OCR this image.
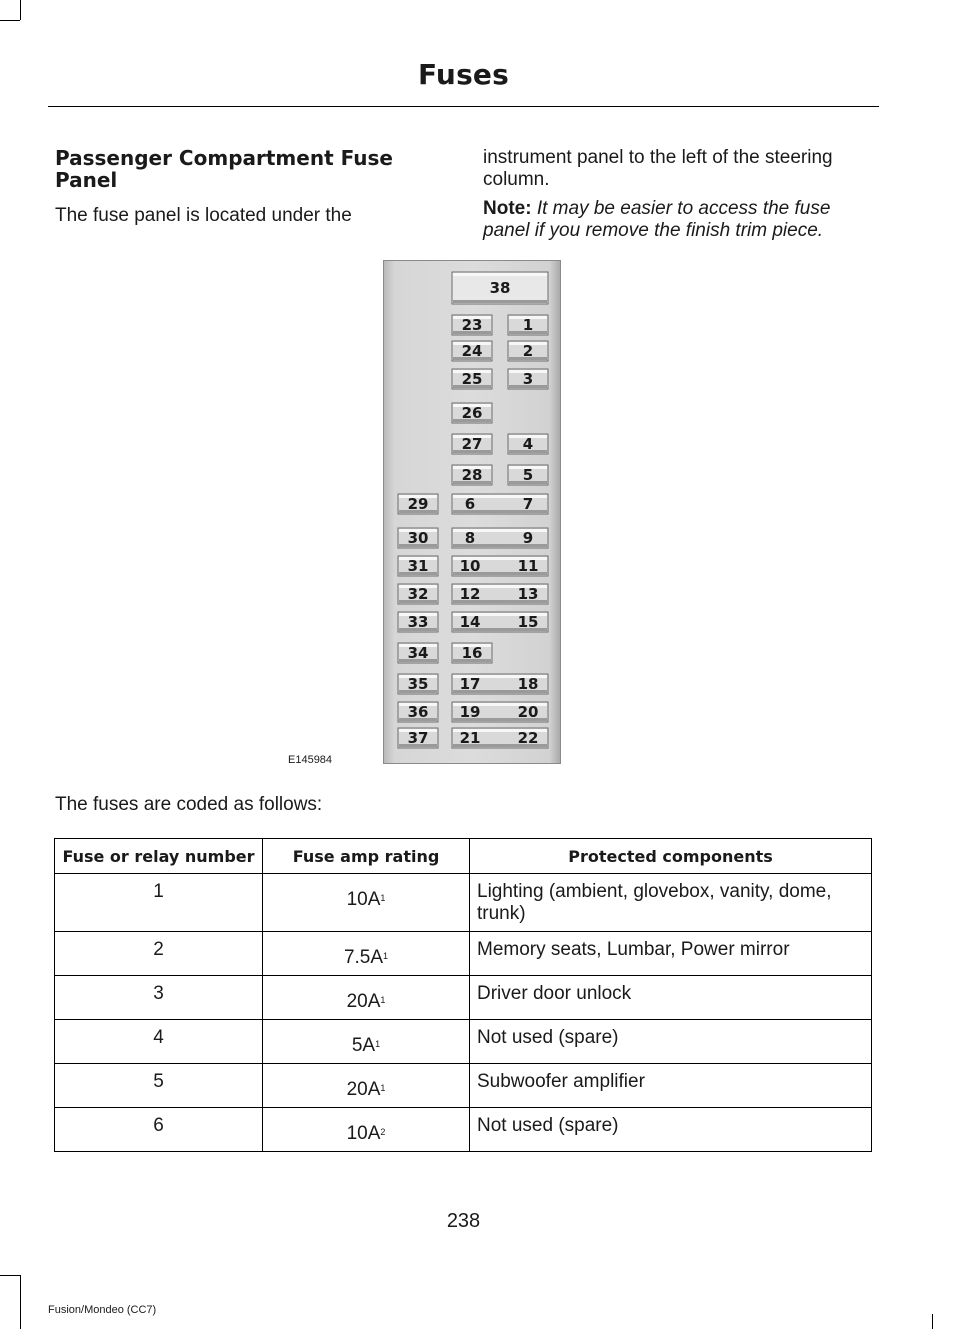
Fuses
Passenger Compartment Fuse Panel

The fuse panel is located under the

instrument panel to the left of the steering column.

Note: It may be easier to access the fuse panel if you remove the finish trim piece.

38
23	1
24	2
25	3
26
27	4
28	5
29 6	7
30 8	9
31 10 11
32 12 13
33 14 15
34 16
35 17 18
36 19 20
37 21 22
E145984

The fuses are coded as follows:

Fuse or relay number	Fuse amp rating	Protected components
1	$10A^1$	Lighting (ambient, glovebox, vanity, dome, trunk)
2	$7.5A^1$	Memory seats, Lumbar, Power mirror
3	$20A^1$	Driver door unlock
4	$5A^1$	Not used (spare)
5	$20A^1$	Subwoofer amplifier
6	$10A^2$	Not used (spare)
238
Fusion/Mondeo (CC7)
